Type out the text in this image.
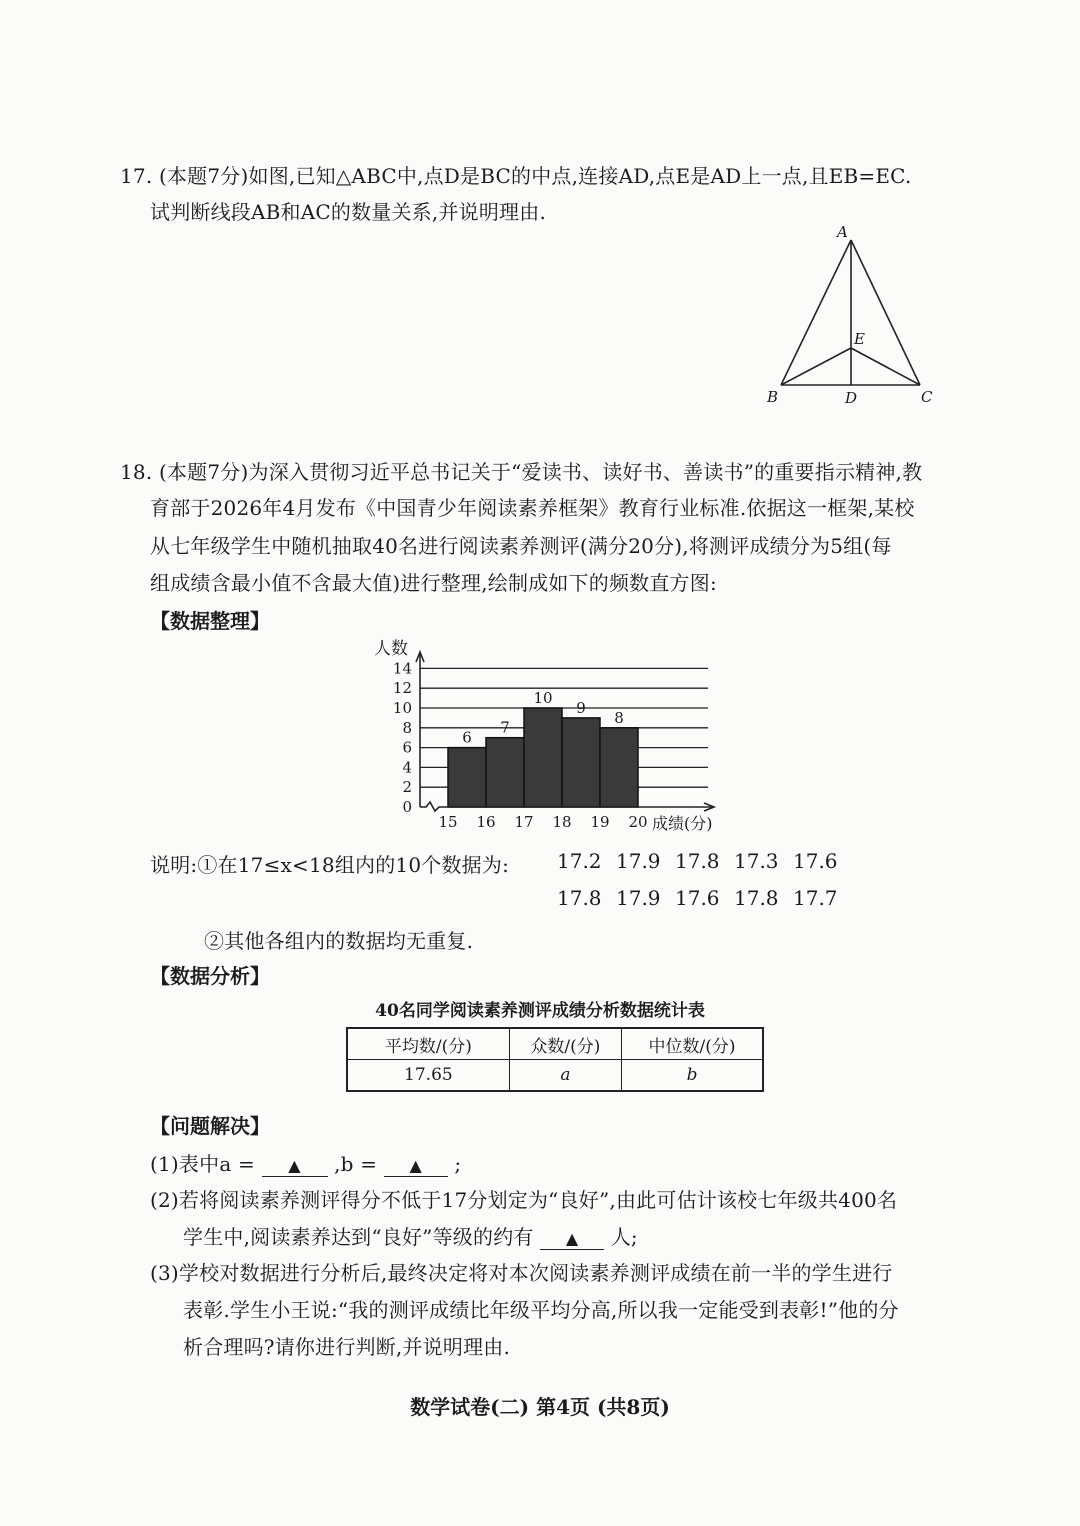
17. (本题7分)如图,已知△ABC中,点D是BC的中点,连接AD,点E是AD上一点,且EB=EC.
试判断线段AB和AC的数量关系,并说明理由.
A
E
B	D	C
18. (本题7分)为深入贯彻习近平总书记关于“爱读书、读好书、善读书”的重要指示精神,教
育部于2026年4月发布《中国青少年阅读素养框架》教育行业标准.依据这一框架,某校
从七年级学生中随机抽取40名进行阅读素养测评(满分20分),将测评成绩分为5组(每
组成绩含最小值不含最大值)进行整理,绘制成如下的频数直方图:
【数据整理】
0
2
4
6
8
10
12
14
6
7
10
9
8
15 16 17 18 19 20
人数
成绩(分)
说明:①在17≤x<18组内的10个数据为: 17.2 17.9 17.8 17.3 17.6
17.8 17.9 17.6 17.8 17.7
②其他各组内的数据均无重复.
【数据分析】
40名同学阅读素养测评成绩分析数据统计表
平均数/(分)	众数/(分)	中位数/(分)
17.65	a	b
【问题解决】
(1)表中a = ▲ ,b = ▲ ;
(2)若将阅读素养测评得分不低于17分划定为“良好”,由此可估计该校七年级共400名
学生中,阅读素养达到“良好”等级的约有 ▲ 人;
(3)学校对数据进行分析后,最终决定将对本次阅读素养测评成绩在前一半的学生进行
表彰.学生小王说:“我的测评成绩比年级平均分高,所以我一定能受到表彰!”他的分
析合理吗?请你进行判断,并说明理由.
数学试卷(二) 第4页 (共8页)
